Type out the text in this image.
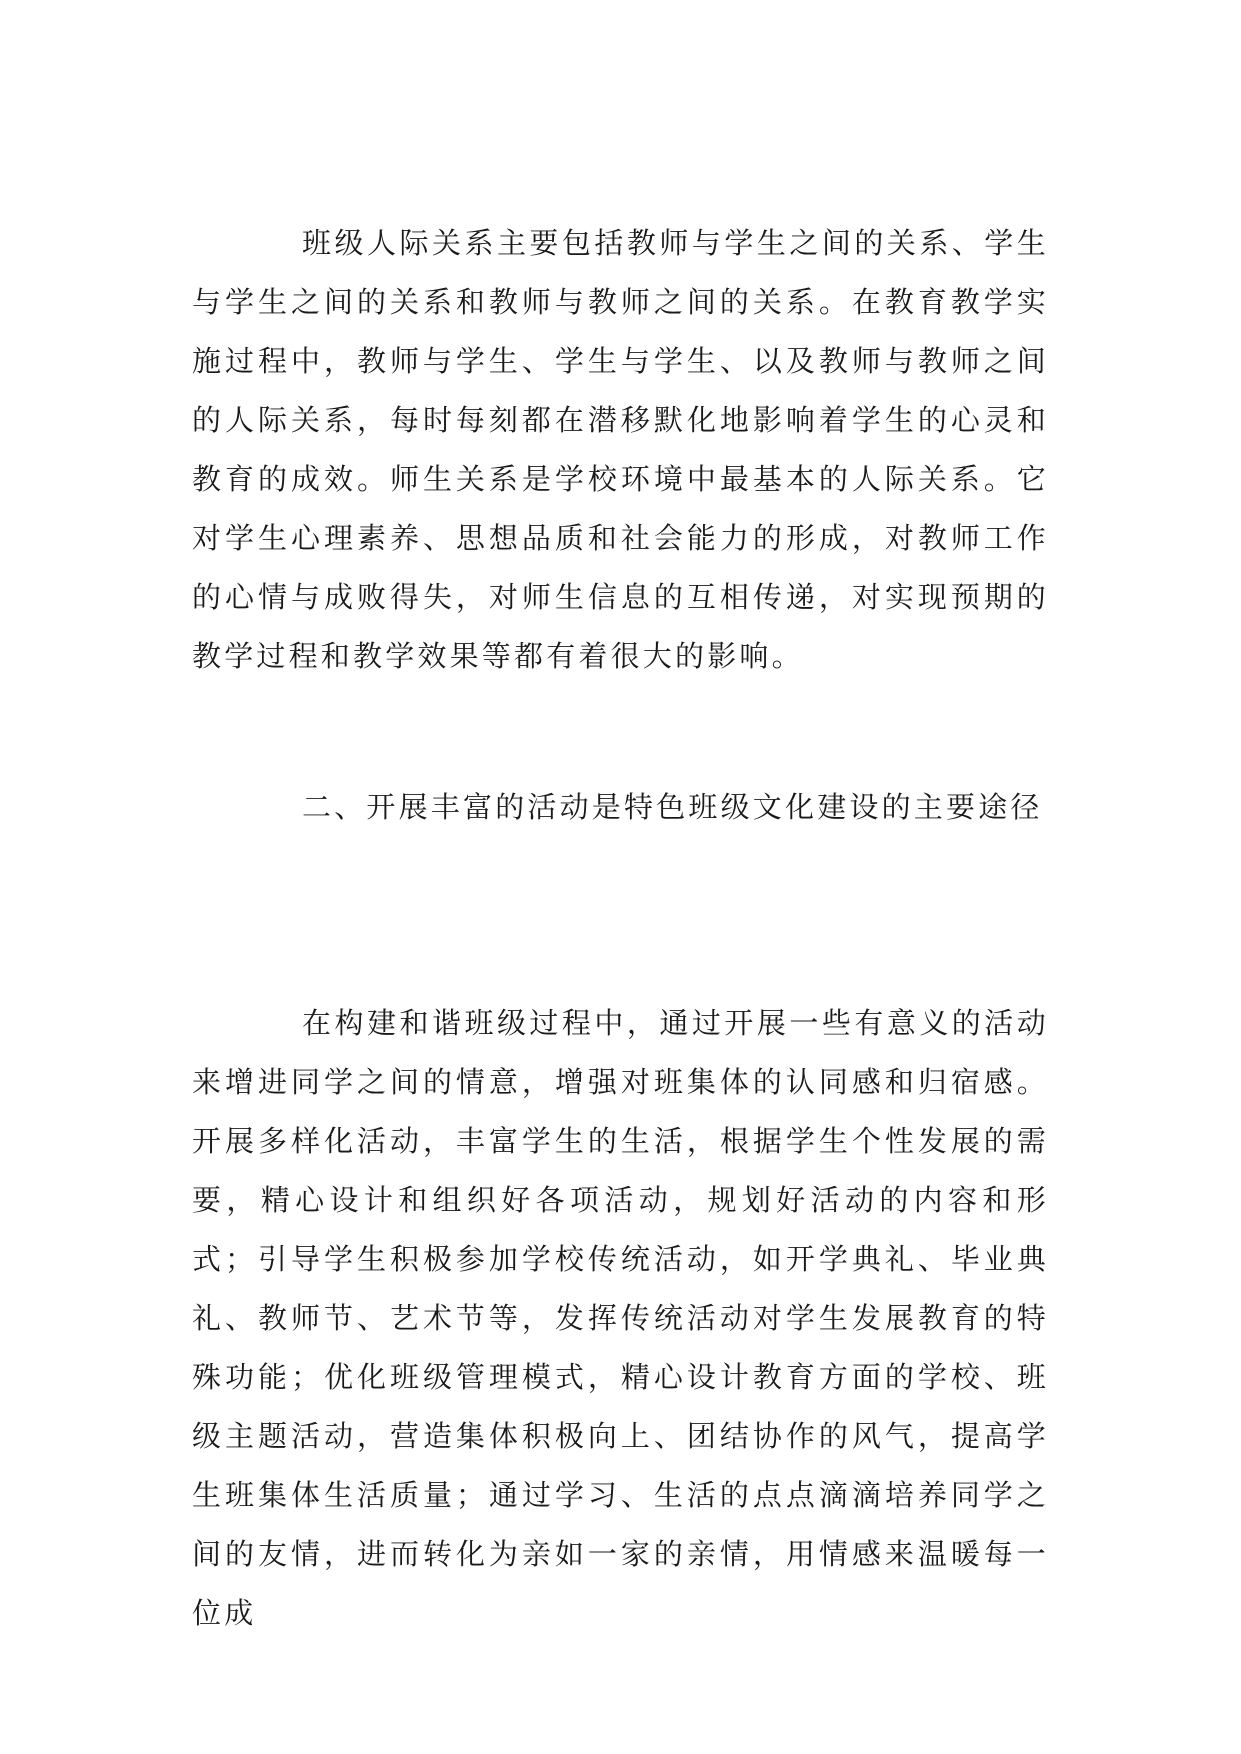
班级人际关系主要包括教师与学生之间的关系、学生与学生之间的关系和教师与教师之间的关系。在教育教学实施过程中，教师与学生、学生与学生、以及教师与教师之间的人际关系，每时每刻都在潜移默化地影响着学生的心灵和教育的成效。师生关系是学校环境中最基本的人际关系。它对学生心理素养、思想品质和社会能力的形成，对教师工作的心情与成败得失，对师生信息的互相传递，对实现预期的教学过程和教学效果等都有着很大的影响。

二、开展丰富的活动是特色班级文化建设的主要途径

在构建和谐班级过程中，通过开展一些有意义的活动来增进同学之间的情意，增强对班集体的认同感和归宿感。开展多样化活动，丰富学生的生活，根据学生个性发展的需要，精心设计和组织好各项活动，规划好活动的内容和形式；引导学生积极参加学校传统活动，如开学典礼、毕业典礼、教师节、艺术节等，发挥传统活动对学生发展教育的特殊功能；优化班级管理模式，精心设计教育方面的学校、班级主题活动，营造集体积极向上、团结协作的风气，提高学生班集体生活质量；通过学习、生活的点点滴滴培养同学之间的友情，进而转化为亲如一家的亲情，用情感来温暖每一位成
